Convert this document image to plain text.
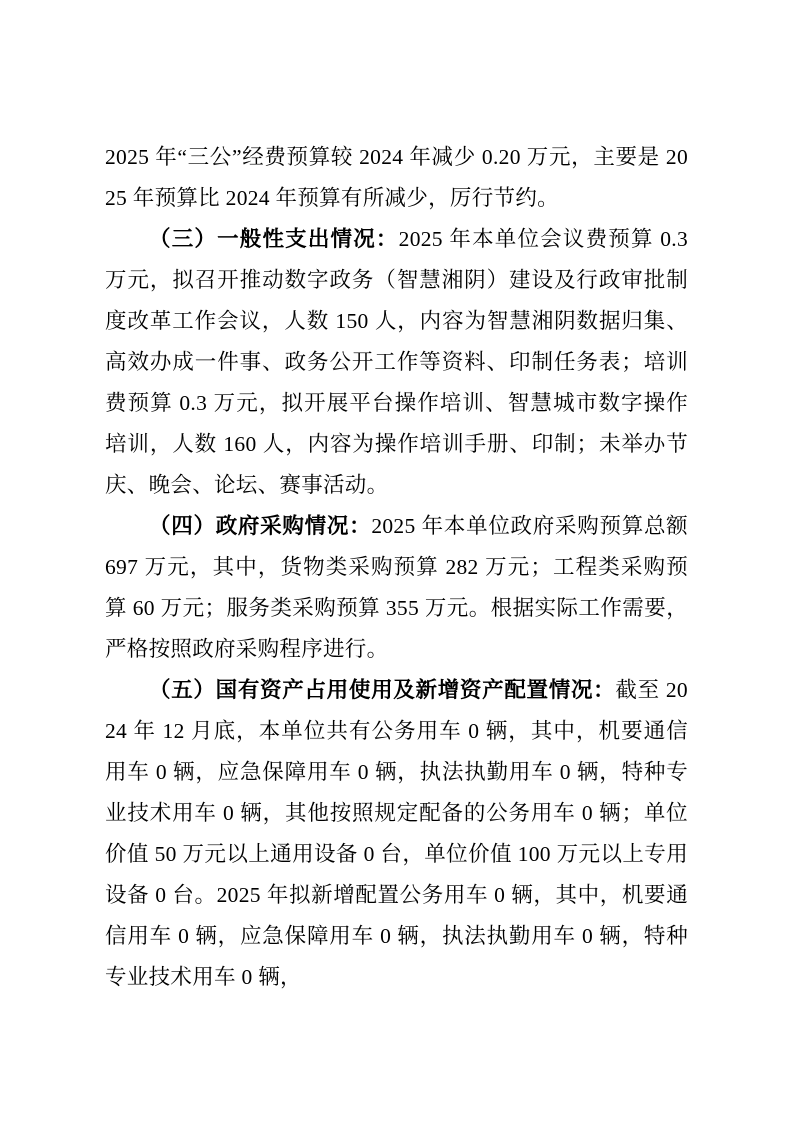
2025 年“三公”经费预算较 2024 年减少 0.20 万元，主要是 2025 年预算比 2024 年预算有所减少，厉行节约。

（三）一般性支出情况：2025 年本单位会议费预算 0.3 万元，拟召开推动数字政务（智慧湘阴）建设及行政审批制度改革工作会议，人数 150 人，内容为智慧湘阴数据归集、高效办成一件事、政务公开工作等资料、印制任务表；培训费预算 0.3 万元，拟开展平台操作培训、智慧城市数字操作培训，人数 160 人，内容为操作培训手册、印制；未举办节庆、晚会、论坛、赛事活动。

（四）政府采购情况：2025 年本单位政府采购预算总额 697 万元，其中，货物类采购预算 282 万元；工程类采购预算 60 万元；服务类采购预算 355 万元。根据实际工作需要，严格按照政府采购程序进行。

（五）国有资产占用使用及新增资产配置情况：截至 2024 年 12 月底，本单位共有公务用车 0 辆，其中，机要通信用车 0 辆，应急保障用车 0 辆，执法执勤用车 0 辆，特种专业技术用车 0 辆，其他按照规定配备的公务用车 0 辆；单位价值 50 万元以上通用设备 0 台，单位价值 100 万元以上专用设备 0 台。2025 年拟新增配置公务用车 0 辆，其中，机要通信用车 0 辆，应急保障用车 0 辆，执法执勤用车 0 辆，特种专业技术用车 0 辆，
